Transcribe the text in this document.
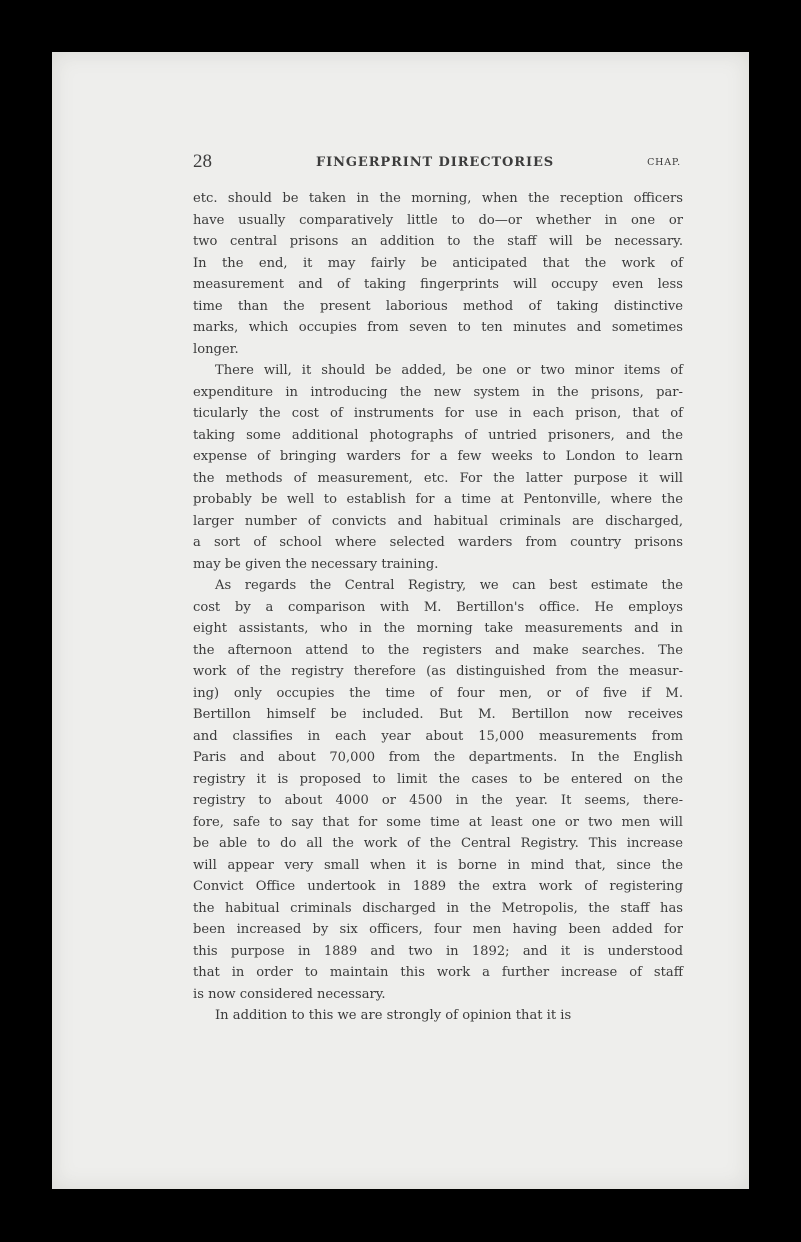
28	FINGERPRINT DIRECTORIES	CHAP.
etc. should be taken in the morning, when the reception officers
have usually comparatively little to do—or whether in one or
two central prisons an addition to the staff will be necessary.
In the end, it may fairly be anticipated that the work of
measurement and of taking fingerprints will occupy even less
time than the present laborious method of taking distinctive
marks, which occupies from seven to ten minutes and sometimes
longer.
There will, it should be added, be one or two minor items of
expenditure in introducing the new system in the prisons, par-
ticularly the cost of instruments for use in each prison, that of
taking some additional photographs of untried prisoners, and the
expense of bringing warders for a few weeks to London to learn
the methods of measurement, etc. For the latter purpose it will
probably be well to establish for a time at Pentonville, where the
larger number of convicts and habitual criminals are discharged,
a sort of school where selected warders from country prisons
may be given the necessary training.
As regards the Central Registry, we can best estimate the
cost by a comparison with M. Bertillon's office. He employs
eight assistants, who in the morning take measurements and in
the afternoon attend to the registers and make searches. The
work of the registry therefore (as distinguished from the measur-
ing) only occupies the time of four men, or of five if M.
Bertillon himself be included. But M. Bertillon now receives
and classifies in each year about 15,000 measurements from
Paris and about 70,000 from the departments. In the English
registry it is proposed to limit the cases to be entered on the
registry to about 4000 or 4500 in the year. It seems, there-
fore, safe to say that for some time at least one or two men will
be able to do all the work of the Central Registry. This increase
will appear very small when it is borne in mind that, since the
Convict Office undertook in 1889 the extra work of registering
the habitual criminals discharged in the Metropolis, the staff has
been increased by six officers, four men having been added for
this purpose in 1889 and two in 1892; and it is understood
that in order to maintain this work a further increase of staff
is now considered necessary.
In addition to this we are strongly of opinion that it is
